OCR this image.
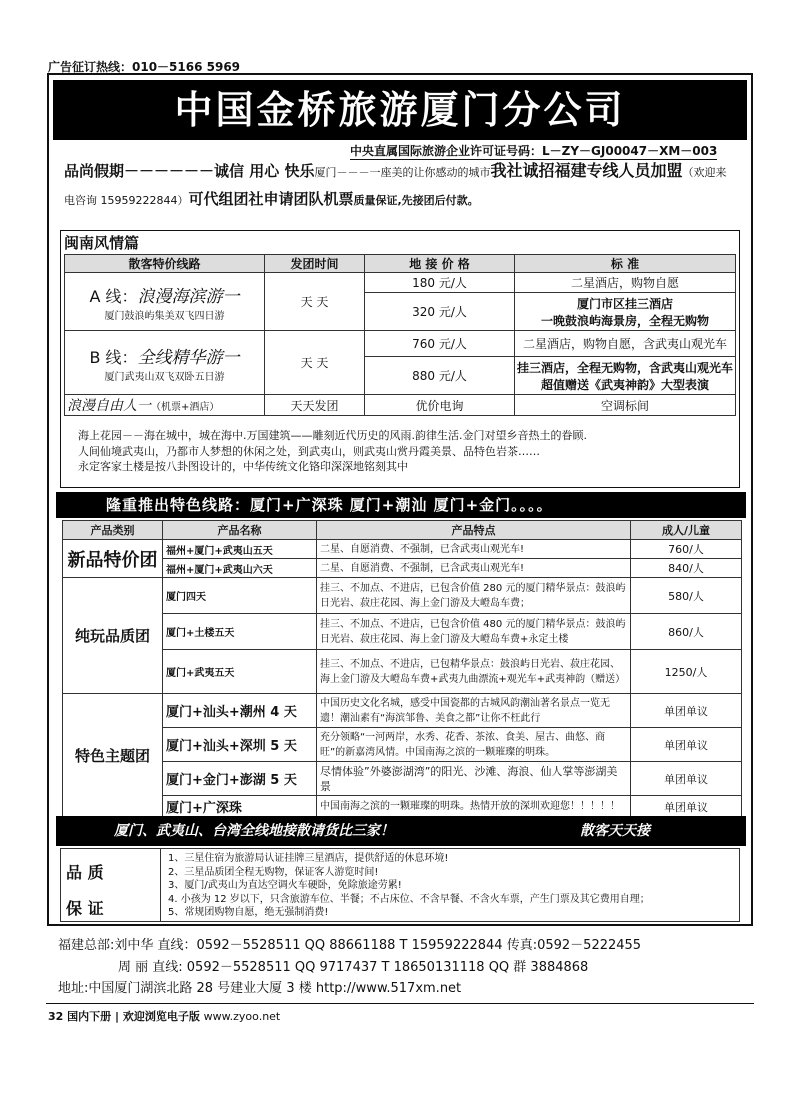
广告征订热线：010－5166 5969
中国金桥旅游厦门分公司
中央直属国际旅游企业许可证号码：L－ZY－GJ00047－XM－003
品尚假期－－－－－－诚信 用心 快乐厦门－－－一座美的让你感动的城市我社诚招福建专线人员加盟（欢迎来电咨询 15959222844）可代组团社申请团队机票质量保证,先接团后付款。
闽南风情篇
散客特价线路	发团时间	地 接 价 格	标 准

A 线：浪漫海滨游一
厦门鼓浪屿集美双飞四日游	天 天	180 元/人	二星酒店，购物自愿
		320 元/人	厦门市区挂三酒店
一晚鼓浪屿海景房，全程无购物

B 线：全线精华游一
厦门武夷山双飞双卧五日游	天 天	760 元/人	二星酒店，购物自愿，含武夷山观光车
		880 元/人	挂三酒店，全程无购物，含武夷山观光车
超值赠送《武夷神韵》大型表演

浪漫自由人一（机票+酒店）	天天发团	优价电询	空调标间
海上花园－－海在城中，城在海中.万国建筑——雕刻近代历史的风雨.韵律生活.金门对望乡音热土的眷顾.
人间仙境武夷山，乃都市人梦想的休闲之处，到武夷山，则武夷山赏丹霞美景、品特色岩茶……
永定客家土楼是按八卦图设计的，中华传统文化铬印深深地铭刻其中
隆重推出特色线路：厦门+广深珠 厦门+潮汕 厦门+金门。。。。
产品类别	产品名称	产品特点	成人/儿童
新品特价团	福州+厦门+武夷山五天	二星、自愿消费、不强制，已含武夷山观光车!	760/人
	福州+厦门+武夷山六天	二星、自愿消费、不强制，已含武夷山观光车!	840/人
纯玩品质团	厦门四天	挂三、不加点、不进店，已包含价值 280 元的厦门精华景点：鼓浪屿日光岩、菽庄花园、海上金门游及大嶝岛车费；	580/人
	厦门+土楼五天	挂三、不加点、不进店，已包含价值 480 元的厦门精华景点：鼓浪屿日光岩、菽庄花园、海上金门游及大嶝岛车费+永定土楼	860/人
	厦门+武夷五天	挂三、不加点、不进店，已包精华景点：鼓浪屿日光岩、菽庄花园、海上金门游及大嶝岛车费+武夷九曲漂流+观光车+武夷神韵（赠送）	1250/人
特色主题团	厦门+汕头+潮州 4 天	中国历史文化名城，感受中国瓷都的古城风韵潮汕著名景点一览无遗！潮汕素有“海滨邹鲁、美食之都”让你不枉此行	单团单议
	厦门+汕头+深圳 5 天	充分领略“一河两岸，水秀、花香、茶浓、食美、屋古、曲悠、商旺”的新嘉湾风情。中国南海之滨的一颗璀璨的明珠。	单团单议
	厦门+金门+澎湖 5 天	尽情体验”外婆澎湖湾”的阳光、沙滩、海浪、仙人掌等澎湖美景	单团单议
	厦门+广深珠	中国南海之滨的一颗璀璨的明珠。热情开放的深圳欢迎您！！！！！	单团单议
厦门、武夷山、台湾全线地接散请货比三家！	散客天天接
品 质
保 证
1、三星住宿为旅游局认证挂牌三星酒店，提供舒适的休息环境!
2、三星品质团全程无购物，保证客人游览时间!
3、厦门/武夷山为直达空调火车硬卧，免除旅途劳累!
4. 小孩为 12 岁以下，只含旅游车位、半餐；不占床位、不含早餐、不含火车票，产生门票及其它费用自理；
5、常规团购物自愿，绝无强制消费!
福建总部:刘中华 直线：0592－5528511 QQ 88661188 T 15959222844 传真:0592－5222455
周 丽 直线: 0592－5528511 QQ 9717437 T 18650131118 QQ 群 3884868
地址:中国厦门湖滨北路 28 号建业大厦 3 楼 http://www.517xm.net
32 国内下册 | 欢迎浏览电子版 www.zyoo.net
